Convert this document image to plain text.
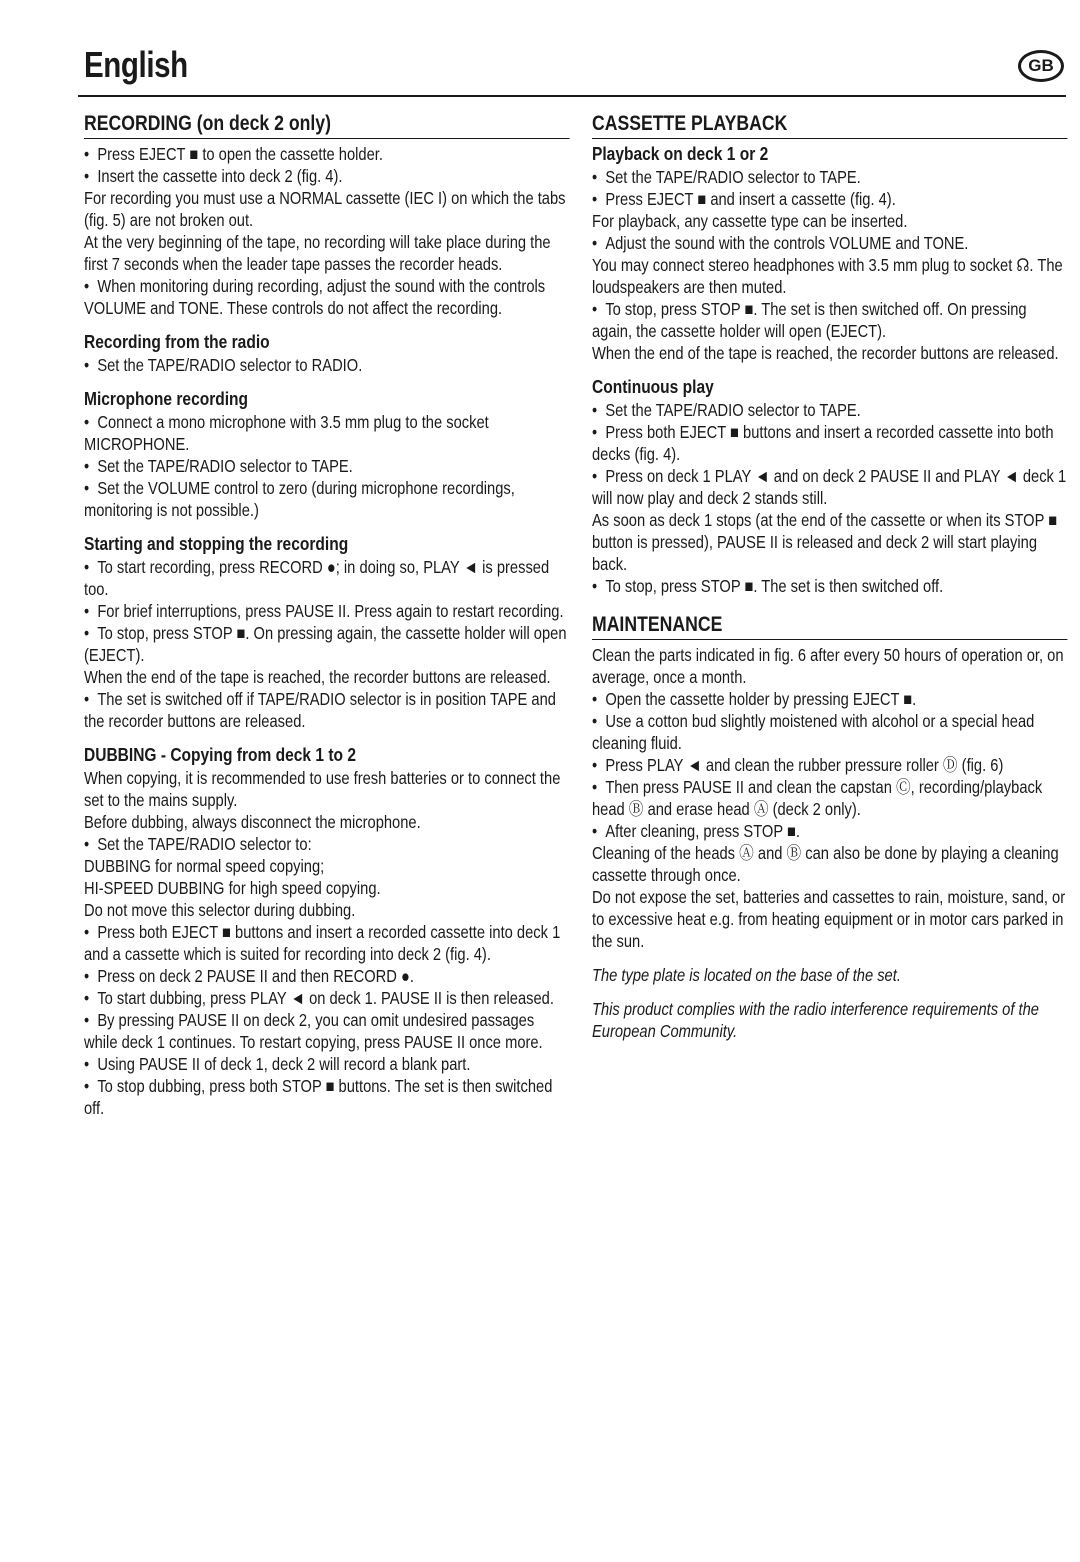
English	GB
RECORDING (on deck 2 only)

•  Press EJECT ■ to open the cassette holder.

•  Insert the cassette into deck 2 (fig. 4).

For recording you must use a NORMAL cassette (IEC I) on which the tabs (fig. 5) are not broken out.

At the very beginning of the tape, no recording will take place during the first 7 seconds when the leader tape passes the recorder heads.

•  When monitoring during recording, adjust the sound with the controls VOLUME and TONE. These controls do not affect the recording.

Recording from the radio

•  Set the TAPE/RADIO selector to RADIO.

Microphone recording

•  Connect a mono microphone with 3.5 mm plug to the socket MICROPHONE.

•  Set the TAPE/RADIO selector to TAPE.

•  Set the VOLUME control to zero (during microphone recordings, monitoring is not possible.)

Starting and stopping the recording

•  To start recording, press RECORD ●; in doing so, PLAY ◄ is pressed too.

•  For brief interruptions, press PAUSE II. Press again to restart recording.

•  To stop, press STOP ■. On pressing again, the cassette holder will open (EJECT).

When the end of the tape is reached, the recorder buttons are released.

•  The set is switched off if TAPE/RADIO selector is in position TAPE and the recorder buttons are released.

DUBBING - Copying from deck 1 to 2

When copying, it is recommended to use fresh batteries or to connect the set to the mains supply.

Before dubbing, always disconnect the microphone.

•  Set the TAPE/RADIO selector to:

DUBBING for normal speed copying;

HI-SPEED DUBBING for high speed copying.

Do not move this selector during dubbing.

•  Press both EJECT ■ buttons and insert a recorded cassette into deck 1 and a cassette which is suited for recording into deck 2 (fig. 4).

•  Press on deck 2 PAUSE II and then RECORD ●.

•  To start dubbing, press PLAY ◄ on deck 1. PAUSE II is then released.

•  By pressing PAUSE II on deck 2, you can omit undesired passages while deck 1 continues. To restart copying, press PAUSE II once more.

•  Using PAUSE II of deck 1, deck 2 will record a blank part.

•  To stop dubbing, press both STOP ■ buttons. The set is then switched off.

CASSETTE PLAYBACK
Playback on deck 1 or 2

•  Set the TAPE/RADIO selector to TAPE.

•  Press EJECT ■ and insert a cassette (fig. 4).

For playback, any cassette type can be inserted.

•  Adjust the sound with the controls VOLUME and TONE.

You may connect stereo headphones with 3.5 mm plug to socket ☊. The loudspeakers are then muted.

•  To stop, press STOP ■. The set is then switched off. On pressing again, the cassette holder will open (EJECT).

When the end of the tape is reached, the recorder buttons are released.

Continuous play

•  Set the TAPE/RADIO selector to TAPE.

•  Press both EJECT ■ buttons and insert a recorded cassette into both decks (fig. 4).

•  Press on deck 1 PLAY ◄ and on deck 2 PAUSE II and PLAY ◄ deck 1 will now play and deck 2 stands still.

As soon as deck 1 stops (at the end of the cassette or when its STOP ■ button is pressed), PAUSE II is released and deck 2 will start playing back.

•  To stop, press STOP ■. The set is then switched off.

MAINTENANCE

Clean the parts indicated in fig. 6 after every 50 hours of operation or, on average, once a month.

•  Open the cassette holder by pressing EJECT ■.

•  Use a cotton bud slightly moistened with alcohol or a special head cleaning fluid.

•  Press PLAY ◄ and clean the rubber pressure roller Ⓓ (fig. 6)

•  Then press PAUSE II and clean the capstan Ⓒ, recording/playback head Ⓑ and erase head Ⓐ (deck 2 only).

•  After cleaning, press STOP ■.

Cleaning of the heads Ⓐ and Ⓑ can also be done by playing a cleaning cassette through once.

Do not expose the set, batteries and cassettes to rain, moisture, sand, or to excessive heat e.g. from heating equipment or in motor cars parked in the sun.

The type plate is located on the base of the set.

This product complies with the radio interference requirements of the European Community.
